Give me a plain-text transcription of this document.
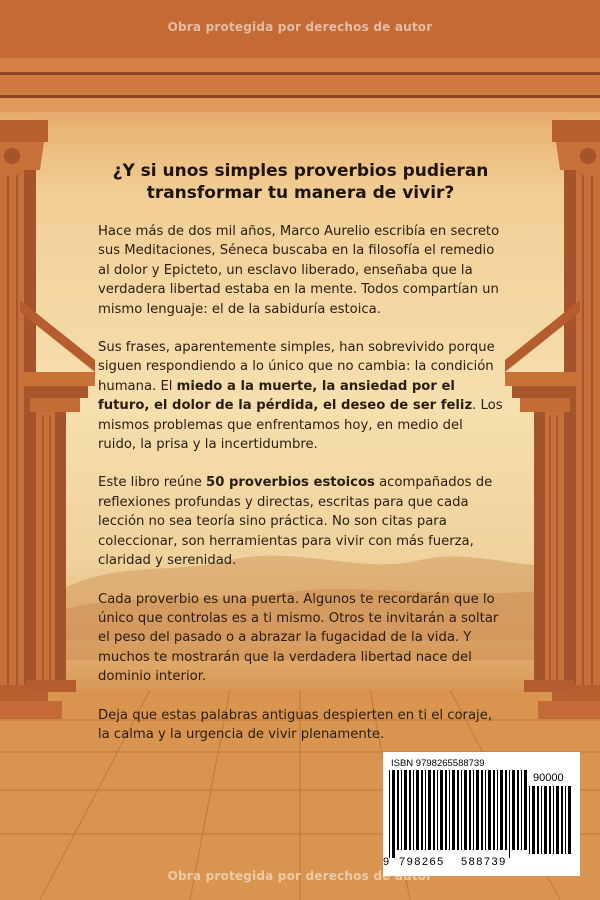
Obra protegida por derechos de autor
¿Y si unos simples proverbios pudieran transformar tu manera de vivir?

Hace más de dos mil años, Marco Aurelio escribía en secreto sus Meditaciones, Séneca buscaba en la filosofía el remedio al dolor y Epicteto, un esclavo liberado, enseñaba que la verdadera libertad estaba en la mente. Todos compartían un mismo lenguaje: el de la sabiduría estoica.

Sus frases, aparentemente simples, han sobrevivido porque siguen respondiendo a lo único que no cambia: la condición humana. El miedo a la muerte, la ansiedad por el futuro, el dolor de la pérdida, el deseo de ser feliz. Los mismos problemas que enfrentamos hoy, en medio del ruido, la prisa y la incertidumbre.

Este libro reúne 50 proverbios estoicos acompañados de reflexiones profundas y directas, escritas para que cada lección no sea teoría sino práctica. No son citas para coleccionar, son herramientas para vivir con más fuerza, claridad y serenidad.

Cada proverbio es una puerta. Algunos te recordarán que lo único que controlas es a ti mismo. Otros te invitarán a soltar el peso del pasado o a abrazar la fugacidad de la vida. Y muchos te mostrarán que la verdadera libertad nace del dominio interior.

Deja que estas palabras antiguas despierten en ti el coraje, la calma y la urgencia de vivir plenamente.

ISBN 9798265588739
90000
9 798265 588739
Obra protegida por derechos de autor
